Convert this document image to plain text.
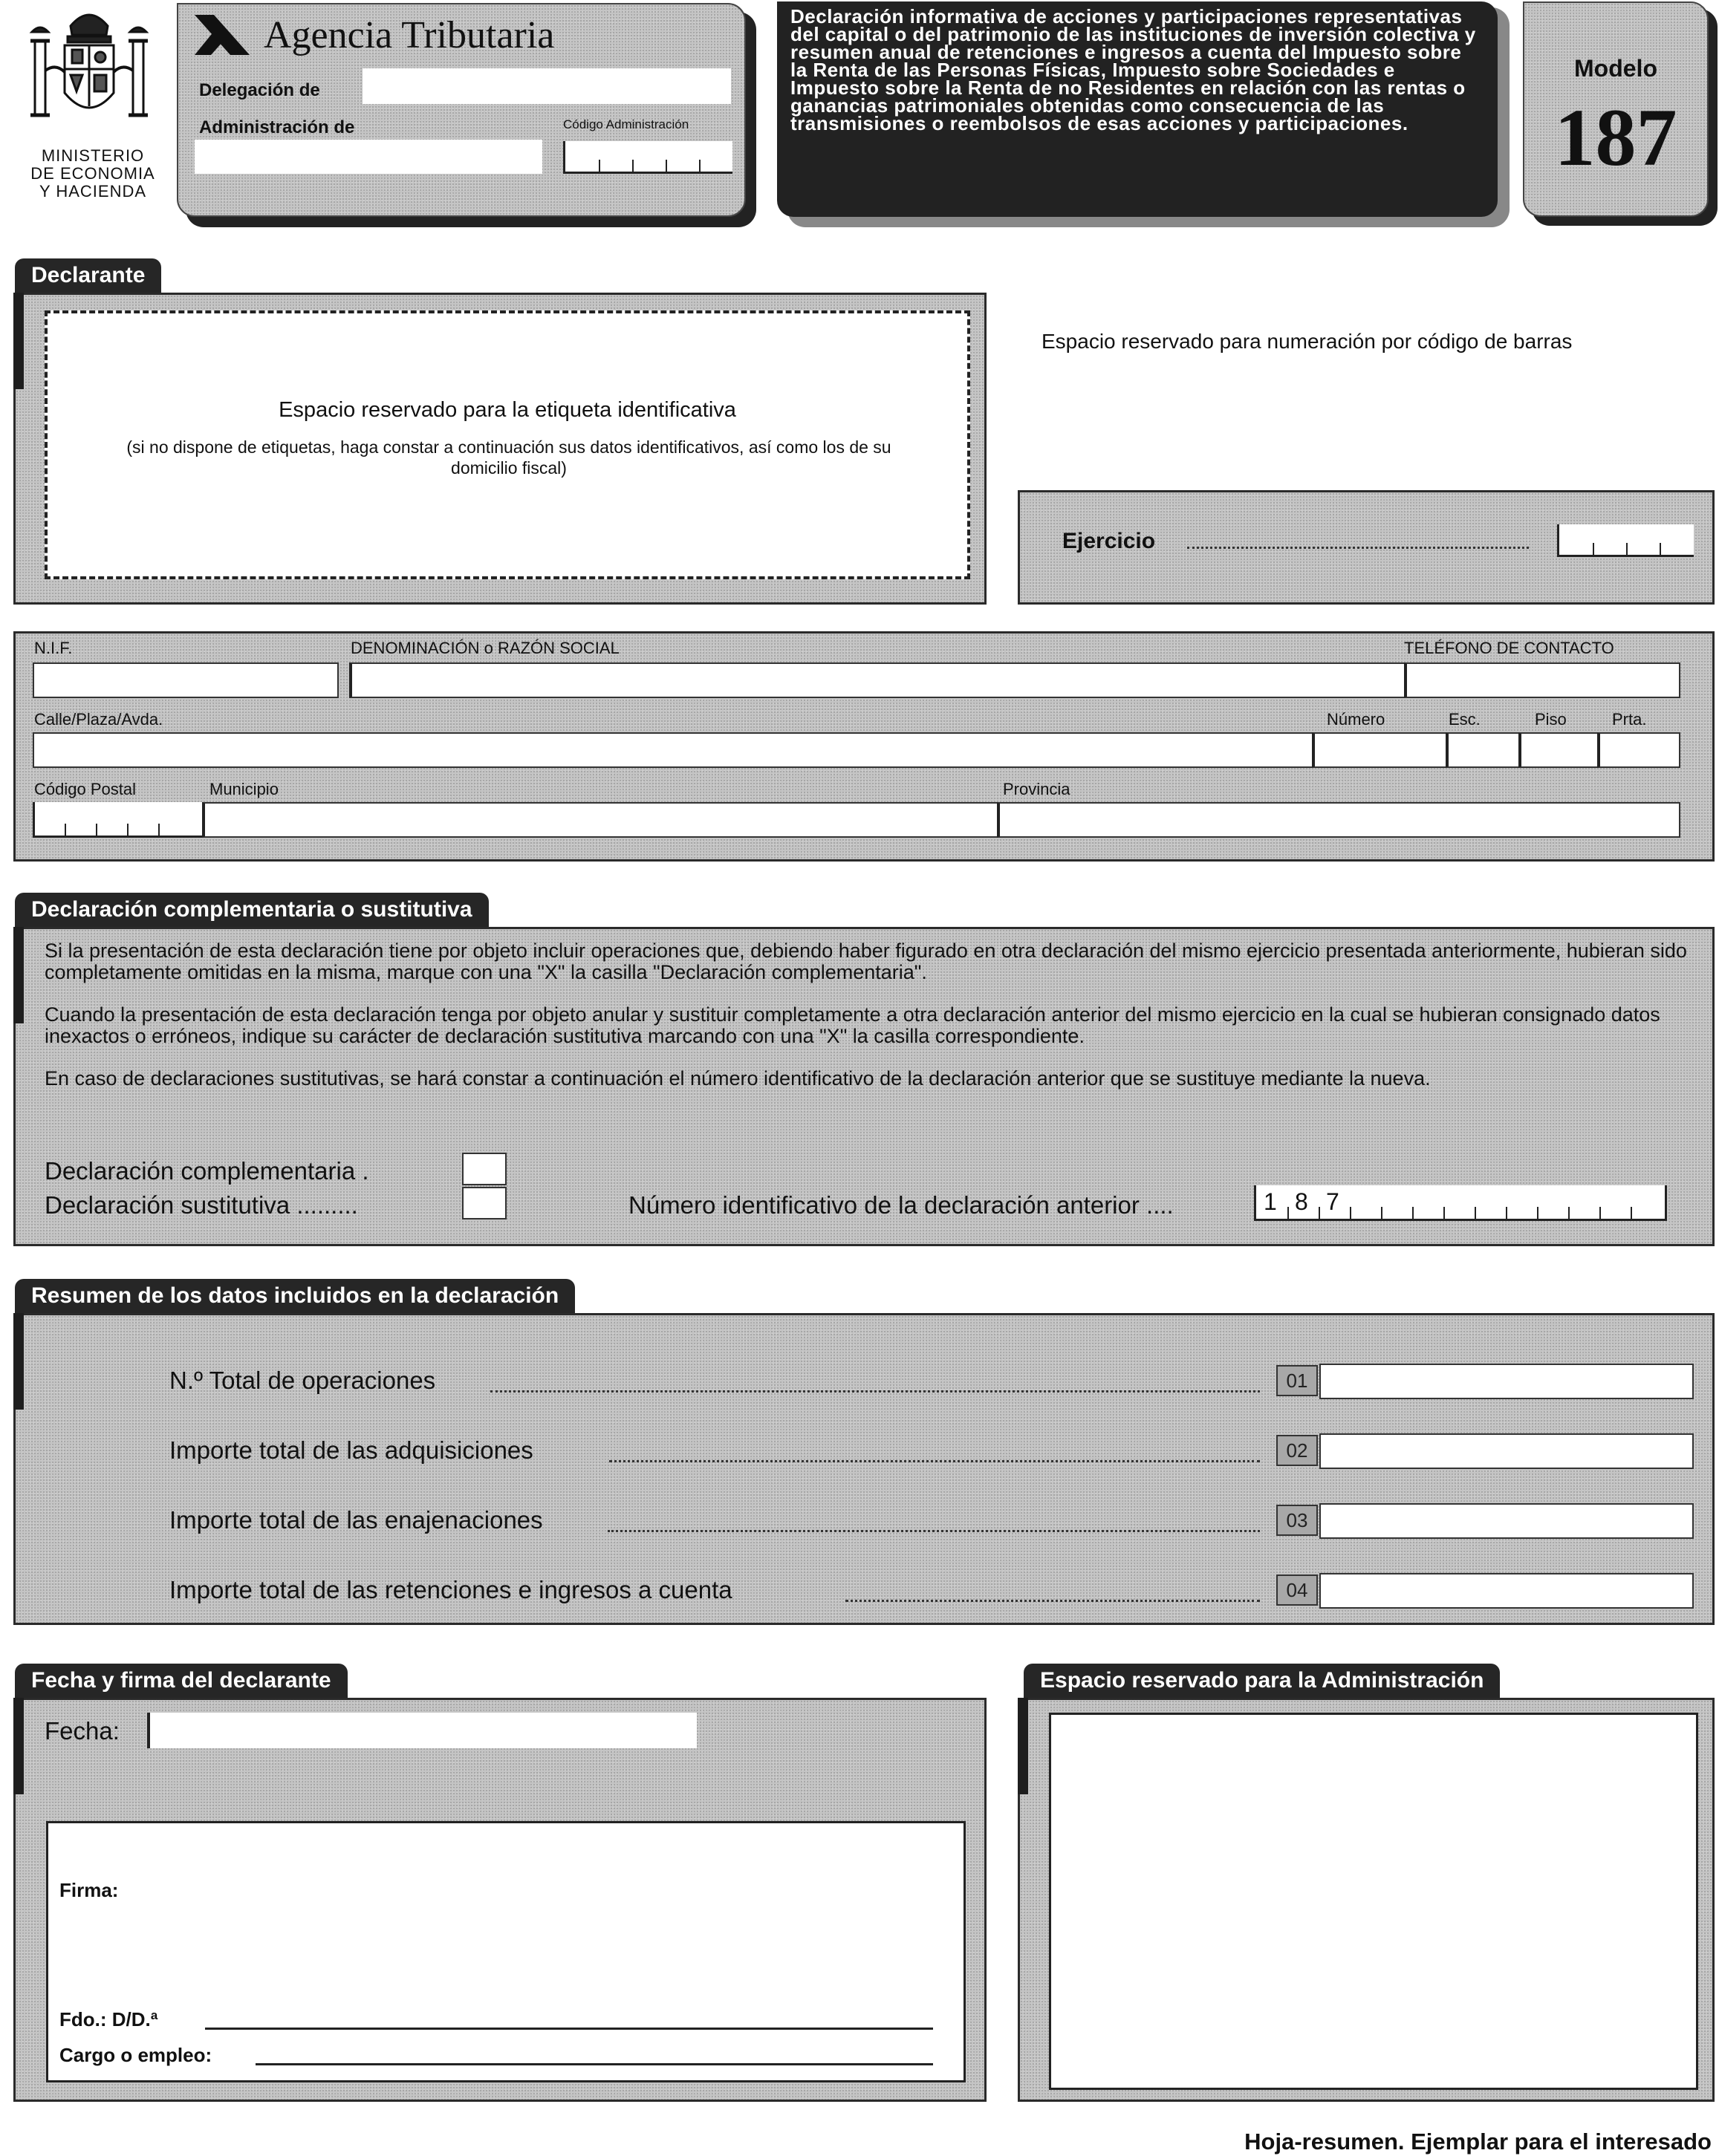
MINISTERIO
DE ECONOMIA
Y HACIENDA
Agencia Tributaria
Delegación de
Administración de	Código Administración
Declaración informativa de acciones y participaciones representativas del capital o del patrimonio de las instituciones de inversión colectiva y resumen anual de retenciones e ingresos a cuenta del Impuesto sobre la Renta de las Personas Físicas, Impuesto sobre Sociedades e Impuesto sobre la Renta de no Residentes en relación con las rentas o ganancias patrimoniales obtenidas como consecuencia de las transmisiones o reembolsos de esas acciones y participaciones.
Modelo
187
Declarante
Espacio reservado para la etiqueta identificativa
(si no dispone de etiquetas, haga constar a continuación sus datos identificativos, así como los de su domicilio fiscal)
Espacio reservado para numeración por código de barras
Ejercicio
N.I.F.	DENOMINACIÓN o RAZÓN SOCIAL	TELÉFONO DE CONTACTO
Calle/Plaza/Avda.	Número	Esc.	Piso	Prta.
Código Postal	Municipio	Provincia
Declaración complementaria o sustitutiva
Si la presentación de esta declaración tiene por objeto incluir operaciones que, debiendo haber figurado en otra declaración del mismo ejercicio presentada anteriormente, hubieran sido completamente omitidas en la misma, marque con una "X" la casilla "Declaración complementaria".
Cuando la presentación de esta declaración tenga por objeto anular y sustituir completamente a otra declaración anterior del mismo ejercicio en la cual se hubieran consignado datos inexactos o erróneos, indique su carácter de declaración sustitutiva marcando con una "X" la casilla correspondiente.
En caso de declaraciones sustitutivas, se hará constar a continuación el número identificativo de la declaración anterior que se sustituye mediante la nueva.
Declaración complementaria .
Declaración sustitutiva .........	Número identificativo de la declaración anterior ....	1 8 7
Resumen de los datos incluidos en la declaración
N.º Total de operaciones	01
Importe total de las adquisiciones	02
Importe total de las enajenaciones	03
Importe total de las retenciones e ingresos a cuenta	04
Fecha y firma del declarante
Fecha:
Firma:
Fdo.: D/D.ª
Cargo o empleo:
Espacio reservado para la Administración
Hoja-resumen. Ejemplar para el interesado
